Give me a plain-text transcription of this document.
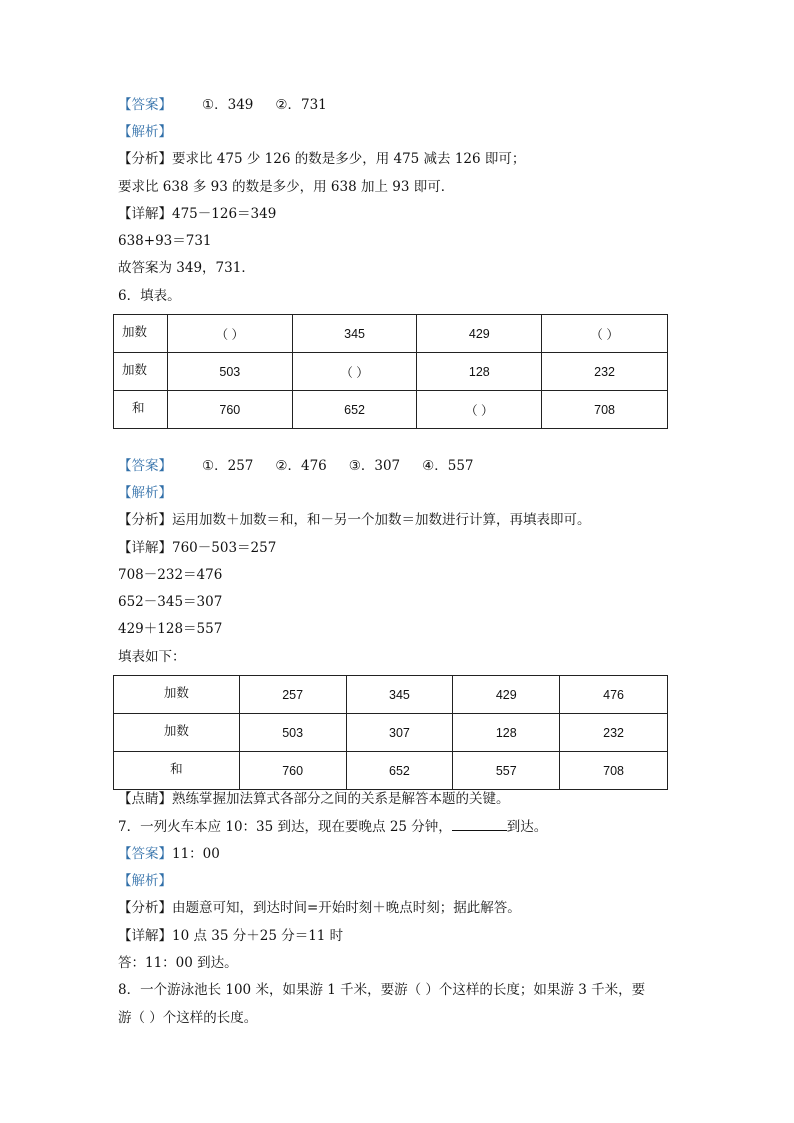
【答案】 ①．349 ②．731
【解析】
【分析】要求比 475 少 126 的数是多少，用 475 减去 126 即可；
要求比 638 多 93 的数是多少，用 638 加上 93 即可．
【详解】475－126＝349
638+93＝731
故答案为 349，731．
6．填表。
加数	（ ）	345	429	（ ）
加数	503	（ ）	128	232
和	760	652	（ ）	708
【答案】 ①．257 ②．476 ③．307 ④．557
【解析】
【分析】运用加数＋加数＝和，和－另一个加数＝加数进行计算，再填表即可。
【详解】760－503＝257
708－232＝476
652－345＝307
429＋128＝557
填表如下：
加数	257	345	429	476
加数	503	307	128	232
和	760	652	557	708
【点睛】熟练掌握加法算式各部分之间的关系是解答本题的关键。
7．一列火车本应 10：35 到达，现在要晚点 25 分钟，	到达。
【答案】11：00
【解析】
【分析】由题意可知，到达时间=开始时刻＋晚点时刻；据此解答。
【详解】10 点 35 分＋25 分＝11 时
答：11：00 到达。
8．一个游泳池长 100 米，如果游 1 千米，要游（ ）个这样的长度；如果游 3 千米，要
游（ ）个这样的长度。
